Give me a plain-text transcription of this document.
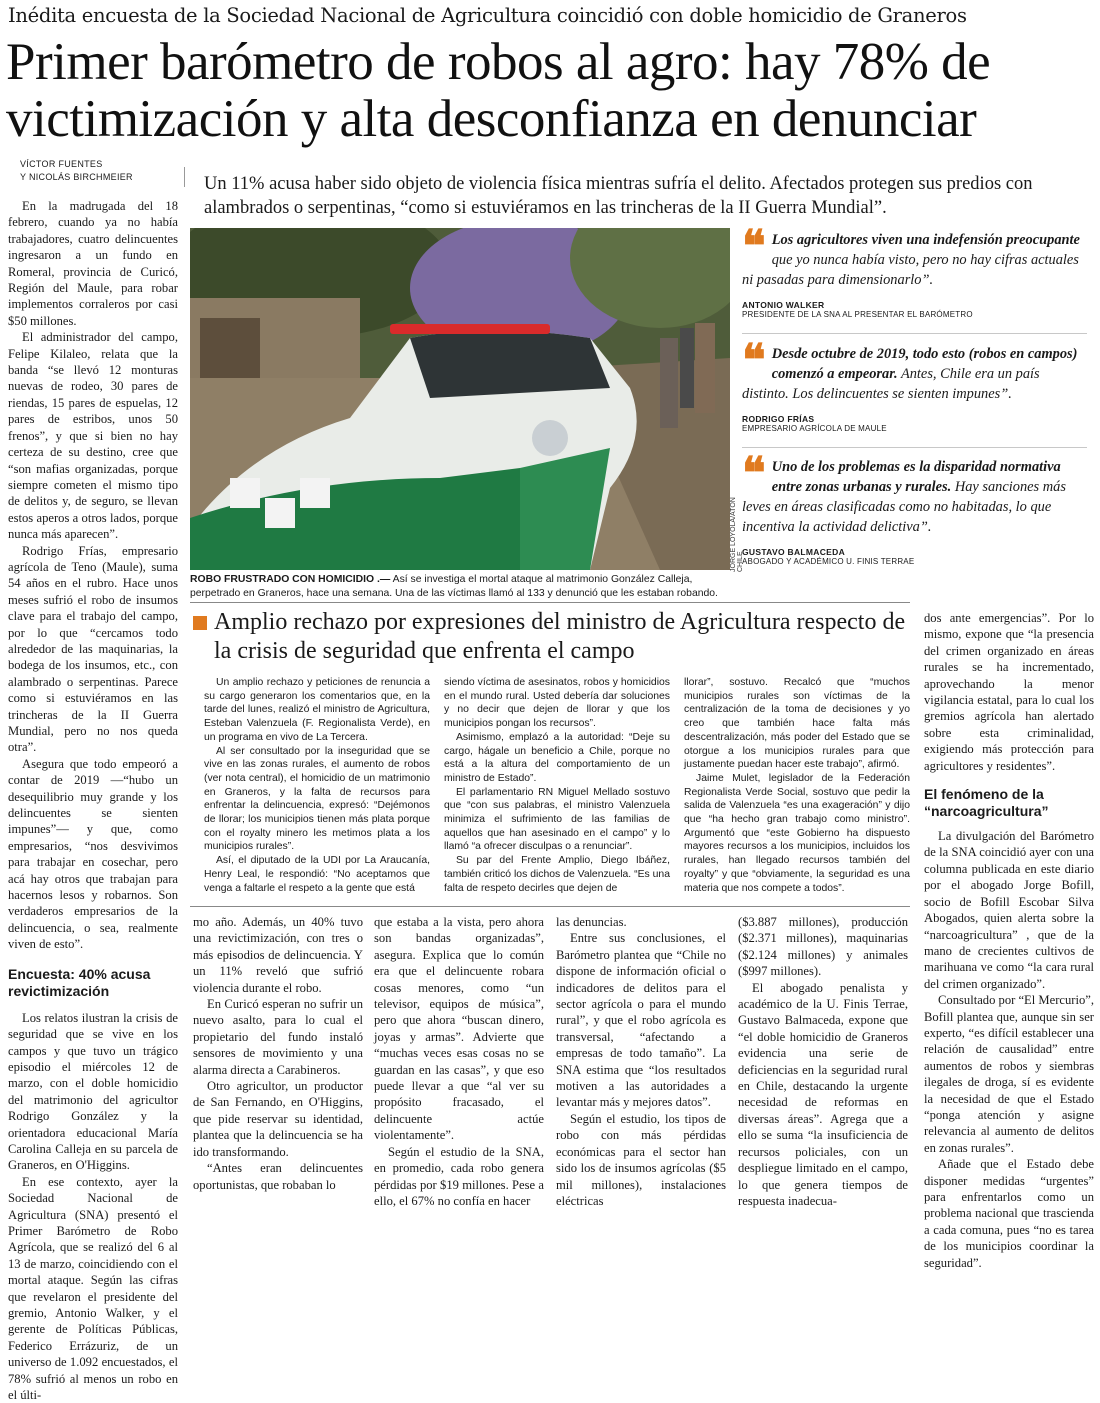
Inédita encuesta de la Sociedad Nacional de Agricultura coincidió con doble homicidio de Graneros
Primer barómetro de robos al agro: hay 78% de victimización y alta desconfianza en denunciar
VÍCTOR FUENTES
Y NICOLÁS BIRCHMEIER	Un 11% acusa haber sido objeto de violencia física mientras sufría el delito. Afectados protegen sus predios con alambrados o serpentinas, “como si estuviéramos en las trincheras de la II Guerra Mundial”.

En la madrugada del 18 febrero, cuando ya no había trabajadores, cuatro delincuentes ingresaron a un fundo en Romeral, provincia de Curicó, Región del Maule, para robar implementos corraleros por casi $50 millones.

El administrador del campo, Felipe Kilaleo, relata que la banda “se llevó 12 monturas nuevas de rodeo, 30 pares de riendas, 15 pares de espuelas, 12 pares de estribos, unos 50 frenos”, y que si bien no hay certeza de su destino, cree que “son mafias organizadas, porque siempre cometen el mismo tipo de delitos y, de seguro, se llevan estos aperos a otros lados, porque nunca más aparecen”.

Rodrigo Frías, empresario agrícola de Teno (Maule), suma 54 años en el rubro. Hace unos meses sufrió el robo de insumos clave para el trabajo del campo, por lo que “cercamos todo alrededor de las maquinarias, la bodega de los insumos, etc., con alambrado o serpentinas. Parece como si estuviéramos en las trincheras de la II Guerra Mundial, pero no nos queda otra”.

Asegura que todo empeoró a contar de 2019 —“hubo un desequilibrio muy grande y los delincuentes se sienten impunes”— y que, como empresarios, “nos desvivimos para trabajar en cosechar, pero acá hay otros que trabajan para hacernos lesos y robarnos. Son verdaderos empresarios de la delincuencia, o sea, realmente viven de esto”.

Encuesta: 40% acusa revictimización

Los relatos ilustran la crisis de seguridad que se vive en los campos y que tuvo un trágico episodio el miércoles 12 de marzo, con el doble homicidio del matrimonio del agricultor Rodrigo González y la orientadora educacional María Carolina Calleja en su parcela de Graneros, en O'Higgins.

En ese contexto, ayer la Sociedad Nacional de Agricultura (SNA) presentó el Primer Barómetro de Robo Agrícola, que se realizó del 6 al 13 de marzo, coincidiendo con el mortal ataque. Según las cifras que revelaron el presidente del gremio, Antonio Walker, y el gerente de Políticas Públicas, Federico Errázuriz, de un universo de 1.092 encuestados, el 78% sufrió al menos un robo en el últi-

JORGE LOYOLA/ATON CHILE
ROBO FRUSTRADO CON HOMICIDIO .— Así se investiga el mortal ataque al matrimonio González Calleja, perpetrado en Graneros, hace una semana. Una de las víctimas llamó al 133 y denunció que les estaban robando.
❝ Los agricultores viven una indefensión preocupante que yo nunca había visto, pero no hay cifras actuales ni pasadas para dimensionarlo”.
ANTONIO WALKER
PRESIDENTE DE LA SNA AL PRESENTAR EL BARÓMETRO
❝ Desde octubre de 2019, todo esto (robos en campos) comenzó a empeorar. Antes, Chile era un país distinto. Los delincuentes se sienten impunes”.
RODRIGO FRÍAS
EMPRESARIO AGRÍCOLA DE MAULE
❝ Uno de los problemas es la disparidad normativa entre zonas urbanas y rurales. Hay sanciones más leves en áreas clasificadas como no habitadas, lo que incentiva la actividad delictiva”.
GUSTAVO BALMACEDA
ABOGADO Y ACADÉMICO U. FINIS TERRAE
Amplio rechazo por expresiones del ministro de Agricultura respecto de la crisis de seguridad que enfrenta el campo

Un amplio rechazo y peticiones de renuncia a su cargo generaron los comentarios que, en la tarde del lunes, realizó el ministro de Agricultura, Esteban Valenzuela (F. Regionalista Verde), en un programa en vivo de La Tercera.

Al ser consultado por la inseguridad que se vive en las zonas rurales, el aumento de robos (ver nota central), el homicidio de un matrimonio en Graneros, y la falta de recursos para enfrentar la delincuencia, expresó: “Dejémonos de llorar; los municipios tienen más plata porque con el royalty minero les metimos plata a los municipios rurales”.

Así, el diputado de la UDI por La Araucanía, Henry Leal, le respondió: “No aceptamos que venga a faltarle el respeto a la gente que está

siendo víctima de asesinatos, robos y homicidios en el mundo rural. Usted debería dar soluciones y no decir que dejen de llorar y que los municipios pongan los recursos”.

Asimismo, emplazó a la autoridad: “Deje su cargo, hágale un beneficio a Chile, porque no está a la altura del comportamiento de un ministro de Estado”.

El parlamentario RN Miguel Mellado sostuvo que “con sus palabras, el ministro Valenzuela minimiza el sufrimiento de las familias de aquellos que han asesinado en el campo” y lo llamó “a ofrecer disculpas o a renunciar”.

Su par del Frente Amplio, Diego Ibáñez, también criticó los dichos de Valenzuela. “Es una falta de respeto decirles que dejen de

llorar”, sostuvo. Recalcó que “muchos municipios rurales son víctimas de la centralización de la toma de decisiones y yo creo que también hace falta más descentralización, más poder del Estado que se otorgue a los municipios rurales para que justamente puedan hacer este trabajo”, afirmó.

Jaime Mulet, legislador de la Federación Regionalista Verde Social, sostuvo que pedir la salida de Valenzuela “es una exageración” y dijo que “ha hecho gran trabajo como ministro”. Argumentó que “este Gobierno ha dispuesto mayores recursos a los municipios, incluidos los rurales, han llegado recursos también del royalty” y que “obviamente, la seguridad es una materia que nos compete a todos”.

mo año. Además, un 40% tuvo una revictimización, con tres o más episodios de delincuencia. Y un 11% reveló que sufrió violencia durante el robo.

En Curicó esperan no sufrir un nuevo asalto, para lo cual el propietario del fundo instaló sensores de movimiento y una alarma directa a Carabineros.

Otro agricultor, un productor de San Fernando, en O'Higgins, que pide reservar su identidad, plantea que la delincuencia se ha ido transformando.

“Antes eran delincuentes oportunistas, que robaban lo

que estaba a la vista, pero ahora son bandas organizadas”, asegura. Explica que lo común era que el delincuente robara cosas menores, como “un televisor, equipos de música”, pero que ahora “buscan dinero, joyas y armas”. Advierte que “muchas veces esas cosas no se guardan en las casas”, y que eso puede llevar a que “al ver su propósito fracasado, el delincuente actúe violentamente”.

Según el estudio de la SNA, en promedio, cada robo genera pérdidas por $19 millones. Pese a ello, el 67% no confía en hacer

las denuncias.

Entre sus conclusiones, el Barómetro plantea que “Chile no dispone de información oficial o indicadores de delitos para el sector agrícola o para el mundo rural”, y que el robo agrícola es transversal, “afectando a empresas de todo tamaño”. La SNA estima que “los resultados motiven a las autoridades a levantar más y mejores datos”.

Según el estudio, los tipos de robo con más pérdidas económicas para el sector han sido los de insumos agrícolas ($5 mil millones), instalaciones eléctricas

($3.887 millones), producción ($2.371 millones), maquinarias ($2.124 millones) y animales ($997 millones).

El abogado penalista y académico de la U. Finis Terrae, Gustavo Balmaceda, expone que “el doble homicidio de Graneros evidencia una serie de deficiencias en la seguridad rural en Chile, destacando la urgente necesidad de reformas en diversas áreas”. Agrega que a ello se suma “la insuficiencia de recursos policiales, con un despliegue limitado en el campo, lo que genera tiempos de respuesta inadecua-

dos ante emergencias”. Por lo mismo, expone que “la presencia del crimen organizado en áreas rurales se ha incrementado, aprovechando la menor vigilancia estatal, para lo cual los gremios agrícola han alertado sobre esta criminalidad, exigiendo más protección para agricultores y residentes”.

El fenómeno de la “narcoagricultura”

La divulgación del Barómetro de la SNA coincidió ayer con una columna publicada en este diario por el abogado Jorge Bofill, socio de Bofill Escobar Silva Abogados, quien alerta sobre la “narcoagricultura” , que de la mano de crecientes cultivos de marihuana ve como “la cara rural del crimen organizado”.

Consultado por “El Mercurio”, Bofill plantea que, aunque sin ser experto, “es difícil establecer una relación de causalidad” entre aumentos de robos y siembras ilegales de droga, sí es evidente la necesidad de que el Estado “ponga atención y asigne relevancia al aumento de delitos en zonas rurales”.

Añade que el Estado debe disponer medidas “urgentes” para enfrentarlos como un problema nacional que trascienda a cada comuna, pues “no es tarea de los municipios coordinar la seguridad”.
